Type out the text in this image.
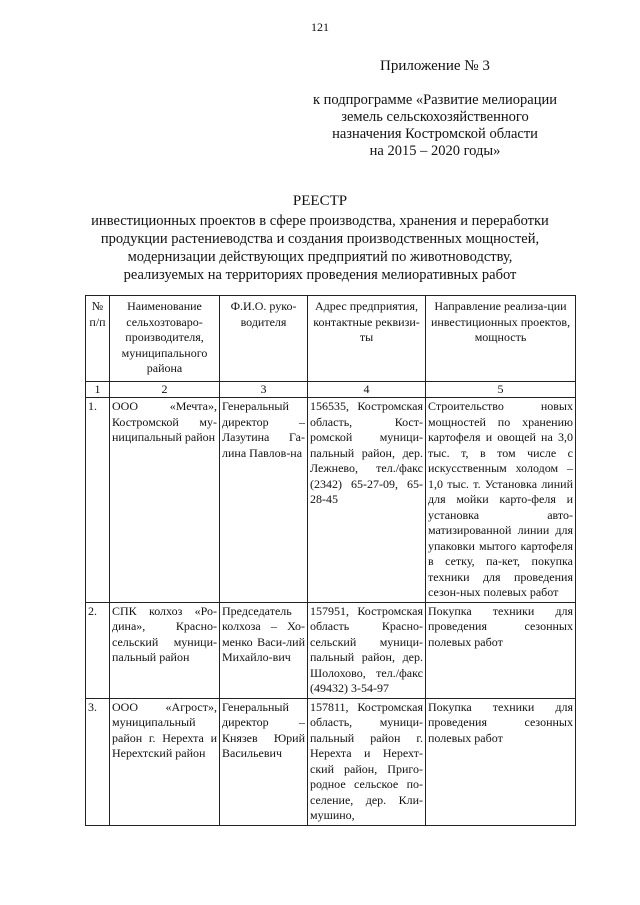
121
Приложение № 3
к подпрограмме «Развитие мелиорации
земель сельскохозяйственного
назначения Костромской области
на 2015 – 2020 годы»
РЕЕСТР
инвестиционных проектов в сфере производства, хранения и переработки
продукции растениеводства и создания производственных мощностей,
модернизации действующих предприятий по животноводству,
реализуемых на территориях проведения мелиоративных работ
№ п/п	Наименование сельхозтоваро-производителя, муниципального района	Ф.И.О. руко-водителя	Адрес предприятия, контактные реквизи-ты	Направление реализа-ции инвестиционных проектов, мощность
1	2	3	4	5
1.	ООО «Мечта», Костромской му-ниципальный район	Генеральный директор – Лазутина Га-лина Павлов-на	156535, Костромская область, Кост-ромской муници-пальный район, дер. Лежнево, тел./факс (2342) 65-27-09, 65-28-45	Строительство новых мощностей по хранению картофеля и овощей на 3,0 тыс. т, в том числе с искусственным холодом – 1,0 тыс. т. Установка линий для мойки карто-феля и установка авто-матизированной линии для упаковки мытого картофеля в сетку, па-кет, покупка техники для проведения сезон-ных полевых работ
2.	СПК колхоз «Ро-дина», Красно-сельский муници-пальный район	Председатель колхоза – Хо-менко Васи-лий Михайло-вич	157951, Костромская область Красно-сельский муници-пальный район, дер. Шолохово, тел./факс (49432) 3-54-97	Покупка техники для проведения сезонных полевых работ
3.	ООО «Агрост», муниципальный район г. Нерехта и Нерехтский район	Генеральный директор – Князев Юрий Васильевич	157811, Костромская область, муници-пальный район г. Нерехта и Нерехт-ский район, Приго-родное сельское по-селение, дер. Кли-мушино,	Покупка техники для проведения сезонных полевых работ
